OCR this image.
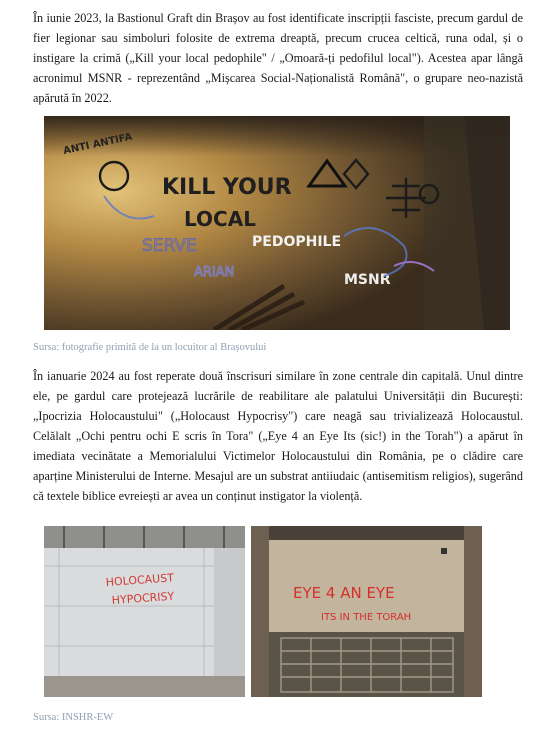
În iunie 2023, la Bastionul Graft din Brașov au fost identificate inscripții fasciste, precum gardul de fier legionar sau simboluri folosite de extrema dreaptă, precum crucea celtică, runa odal, și o instigare la crimă („Kill your local pedophile" / „Omoară-ți pedofilul local"). Acestea apar lângă acronimul MSNR - reprezentând „Mișcarea Social-Naționalistă Română", o grupare neo-nazistă apărută în 2022.

KILL YOUR
LOCAL
PEDOPHILE
MSNR
ANTI ANTIFA
SERVE
ARIAN
Sursa: fotografie primită de la un locuitor al Brașovului

În ianuarie 2024 au fost reperate două înscrisuri similare în zone centrale din capitală. Unul dintre ele, pe gardul care protejează lucrările de reabilitare ale palatului Universității din București: „Ipocrizia Holocaustului" („Holocaust Hypocrisy") care neagă sau trivializează Holocaustul. Celălalt „Ochi pentru ochi E scris în Tora" („Eye 4 an Eye Its (sic!) in the Torah") a apărut în imediata vecinătate a Memorialului Victimelor Holocaustului din România, pe o clădire care aparține Ministerului de Interne. Mesajul are un substrat antiiudaic (antisemitism religios), sugerând că textele biblice evreiești ar avea un conținut instigator la violență.

HOLOCAUST
HYPOCRISY	EYE 4 AN EYE
ITS IN THE TORAH
Sursa: INSHR-EW
